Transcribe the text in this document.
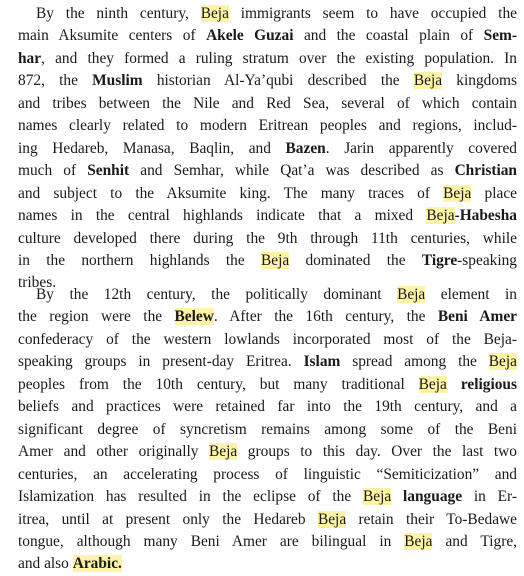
By the ninth century, Beja immigrants seem to have occupied the
main Aksumite centers of Akele Guzai and the coastal plain of Sem-
har, and they formed a ruling stratum over the existing population. In
872, the Muslim historian Al-Ya’qubi described the Beja kingdoms
and tribes between the Nile and Red Sea, several of which contain
names clearly related to modern Eritrean peoples and regions, includ-
ing Hedareb, Manasa, Baqlin, and Bazen. Jarin apparently covered
much of Senhit and Semhar, while Qat’a was described as Christian
and subject to the Aksumite king. The many traces of Beja place
names in the central highlands indicate that a mixed Beja-Habesha
culture developed there during the 9th through 11th centuries, while
in the northern highlands the Beja dominated the Tigre-speaking
tribes.
By the 12th century, the politically dominant Beja element in
the region were the Belew. After the 16th century, the Beni Amer
confederacy of the western lowlands incorporated most of the Beja-
speaking groups in present-day Eritrea. Islam spread among the Beja
peoples from the 10th century, but many traditional Beja religious
beliefs and practices were retained far into the 19th century, and a
significant degree of syncretism remains among some of the Beni
Amer and other originally Beja groups to this day. Over the last two
centuries, an accelerating process of linguistic “Semiticization” and
Islamization has resulted in the eclipse of the Beja language in Er-
itrea, until at present only the Hedareb Beja retain their To-Bedawe
tongue, although many Beni Amer are bilingual in Beja and Tigre,
and also Arabic.
